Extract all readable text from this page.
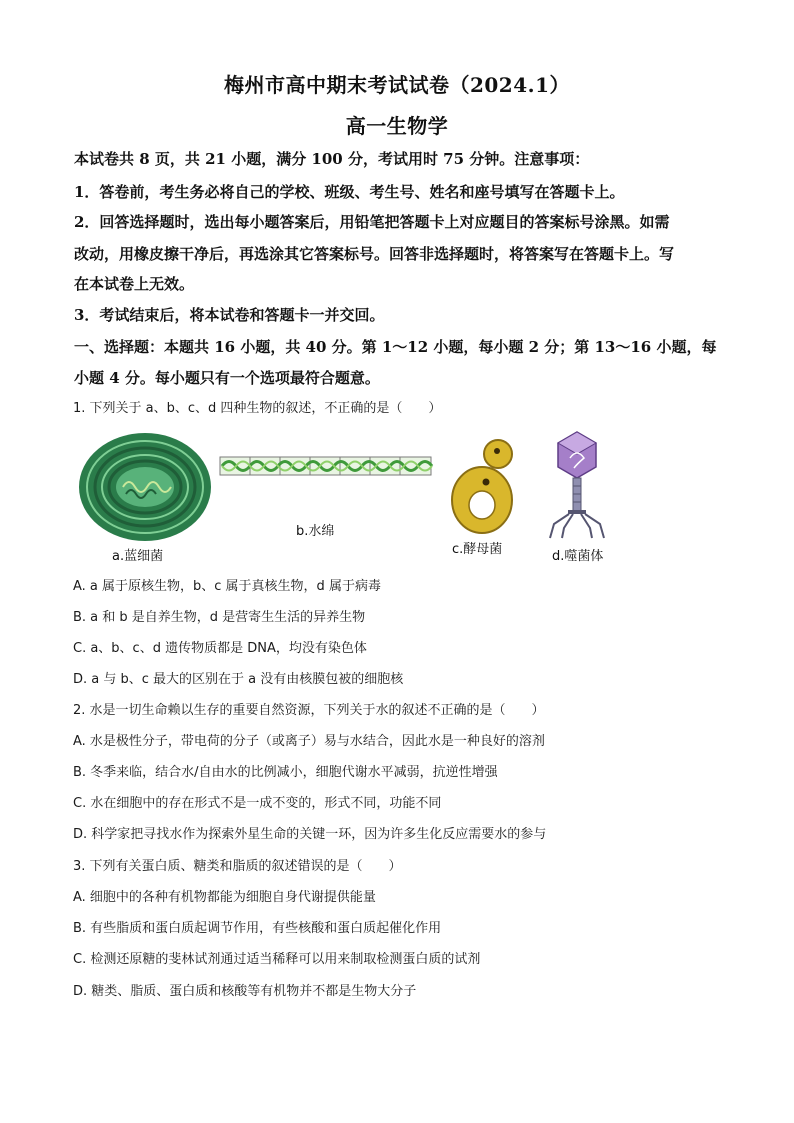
梅州市高中期末考试试卷（2024.1）
高一生物学
本试卷共 8 页，共 21 小题，满分 100 分，考试用时 75 分钟。注意事项：
1．答卷前，考生务必将自己的学校、班级、考生号、姓名和座号填写在答题卡上。
2．回答选择题时，选出每小题答案后，用铅笔把答题卡上对应题目的答案标号涂黑。如需
改动，用橡皮擦干净后，再选涂其它答案标号。回答非选择题时，将答案写在答题卡上。写
在本试卷上无效。
3．考试结束后，将本试卷和答题卡一并交回。
一、选择题：本题共 16 小题，共 40 分。第 1～12 小题，每小题 2 分；第 13～16 小题，每
小题 4 分。每小题只有一个选项最符合题意。
1. 下列关于 a、b、c、d 四种生物的叙述，不正确的是（　　）
a.蓝细菌
b.水绵
c.酵母菌	d.噬菌体
A. a 属于原核生物，b、c 属于真核生物，d 属于病毒
B. a 和 b 是自养生物，d 是营寄生生活的异养生物
C. a、b、c、d 遗传物质都是 DNA，均没有染色体
D. a 与 b、c 最大的区别在于 a 没有由核膜包被的细胞核
2. 水是一切生命赖以生存的重要自然资源，下列关于水的叙述不正确的是（　　）
A. 水是极性分子，带电荷的分子（或离子）易与水结合，因此水是一种良好的溶剂
B. 冬季来临，结合水/自由水的比例减小，细胞代谢水平减弱，抗逆性增强
C. 水在细胞中的存在形式不是一成不变的，形式不同，功能不同
D. 科学家把寻找水作为探索外星生命的关键一环，因为许多生化反应需要水的参与
3. 下列有关蛋白质、糖类和脂质的叙述错误的是（　　）
A. 细胞中的各种有机物都能为细胞自身代谢提供能量
B. 有些脂质和蛋白质起调节作用，有些核酸和蛋白质起催化作用
C. 检测还原糖的斐林试剂通过适当稀释可以用来制取检测蛋白质的试剂
D. 糖类、脂质、蛋白质和核酸等有机物并不都是生物大分子
